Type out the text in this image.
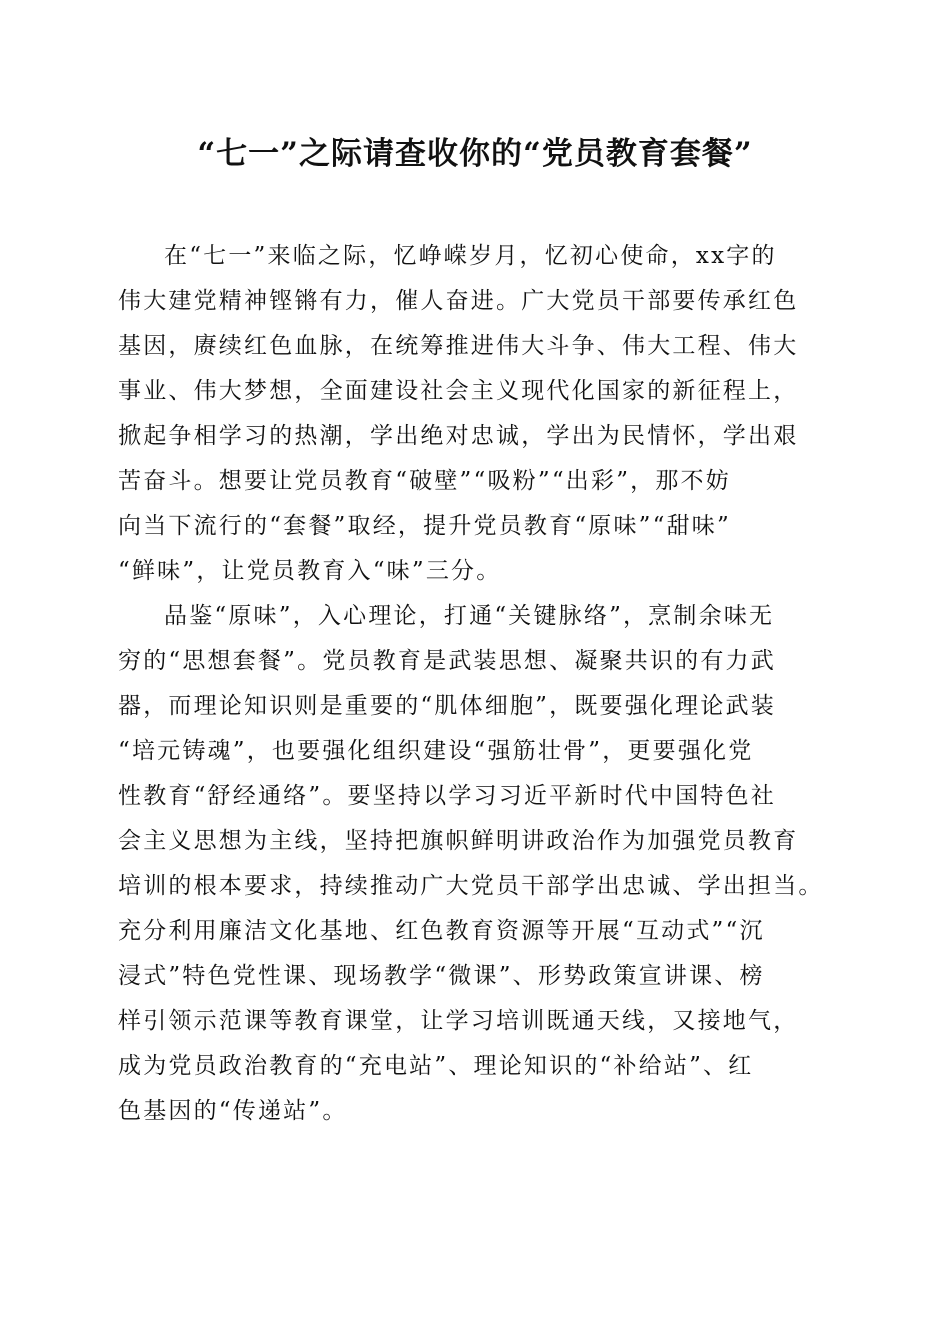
“七一”之际请查收你的“党员教育套餐”
在“七一”来临之际，忆峥嵘岁月，忆初心使命，xx字的
伟大建党精神铿锵有力，催人奋进。广大党员干部要传承红色
基因，赓续红色血脉，在统筹推进伟大斗争、伟大工程、伟大
事业、伟大梦想，全面建设社会主义现代化国家的新征程上，
掀起争相学习的热潮，学出绝对忠诚，学出为民情怀，学出艰
苦奋斗。想要让党员教育“破壁”“吸粉”“出彩”，那不妨
向当下流行的“套餐”取经，提升党员教育“原味”“甜味”
“鲜味”，让党员教育入“味”三分。
品鉴“原味”，入心理论，打通“关键脉络”，烹制余味无
穷的“思想套餐”。党员教育是武装思想、凝聚共识的有力武
器，而理论知识则是重要的“肌体细胞”，既要强化理论武装
“培元铸魂”，也要强化组织建设“强筋壮骨”，更要强化党
性教育“舒经通络”。要坚持以学习习近平新时代中国特色社
会主义思想为主线，坚持把旗帜鲜明讲政治作为加强党员教育
培训的根本要求，持续推动广大党员干部学出忠诚、学出担当。
充分利用廉洁文化基地、红色教育资源等开展“互动式”“沉
浸式”特色党性课、现场教学“微课”、形势政策宣讲课、榜
样引领示范课等教育课堂，让学习培训既通天线，又接地气，
成为党员政治教育的“充电站”、理论知识的“补给站”、红
色基因的“传递站”。
